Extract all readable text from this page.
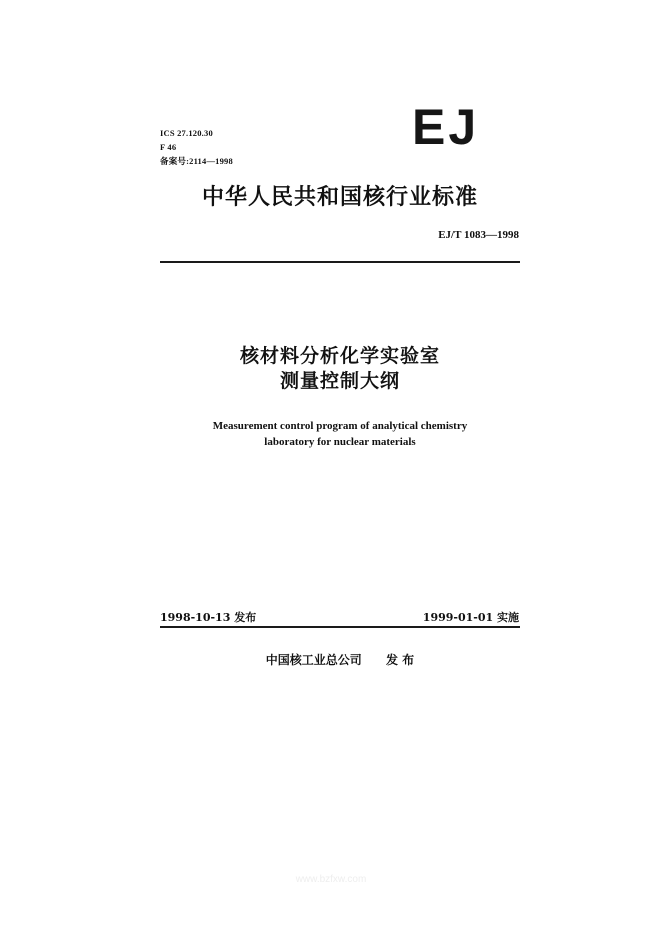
ICS 27.120.30
F 46
备案号:2114—1998
EJ
中华人民共和国核行业标准
EJ/T 1083—1998
核材料分析化学实验室
测量控制大纲
Measurement control program of analytical chemistry
laboratory for nuclear materials
1998-10-13 发布	1999-01-01 实施
中国核工业总公司 发 布
www.bzfxw.com
